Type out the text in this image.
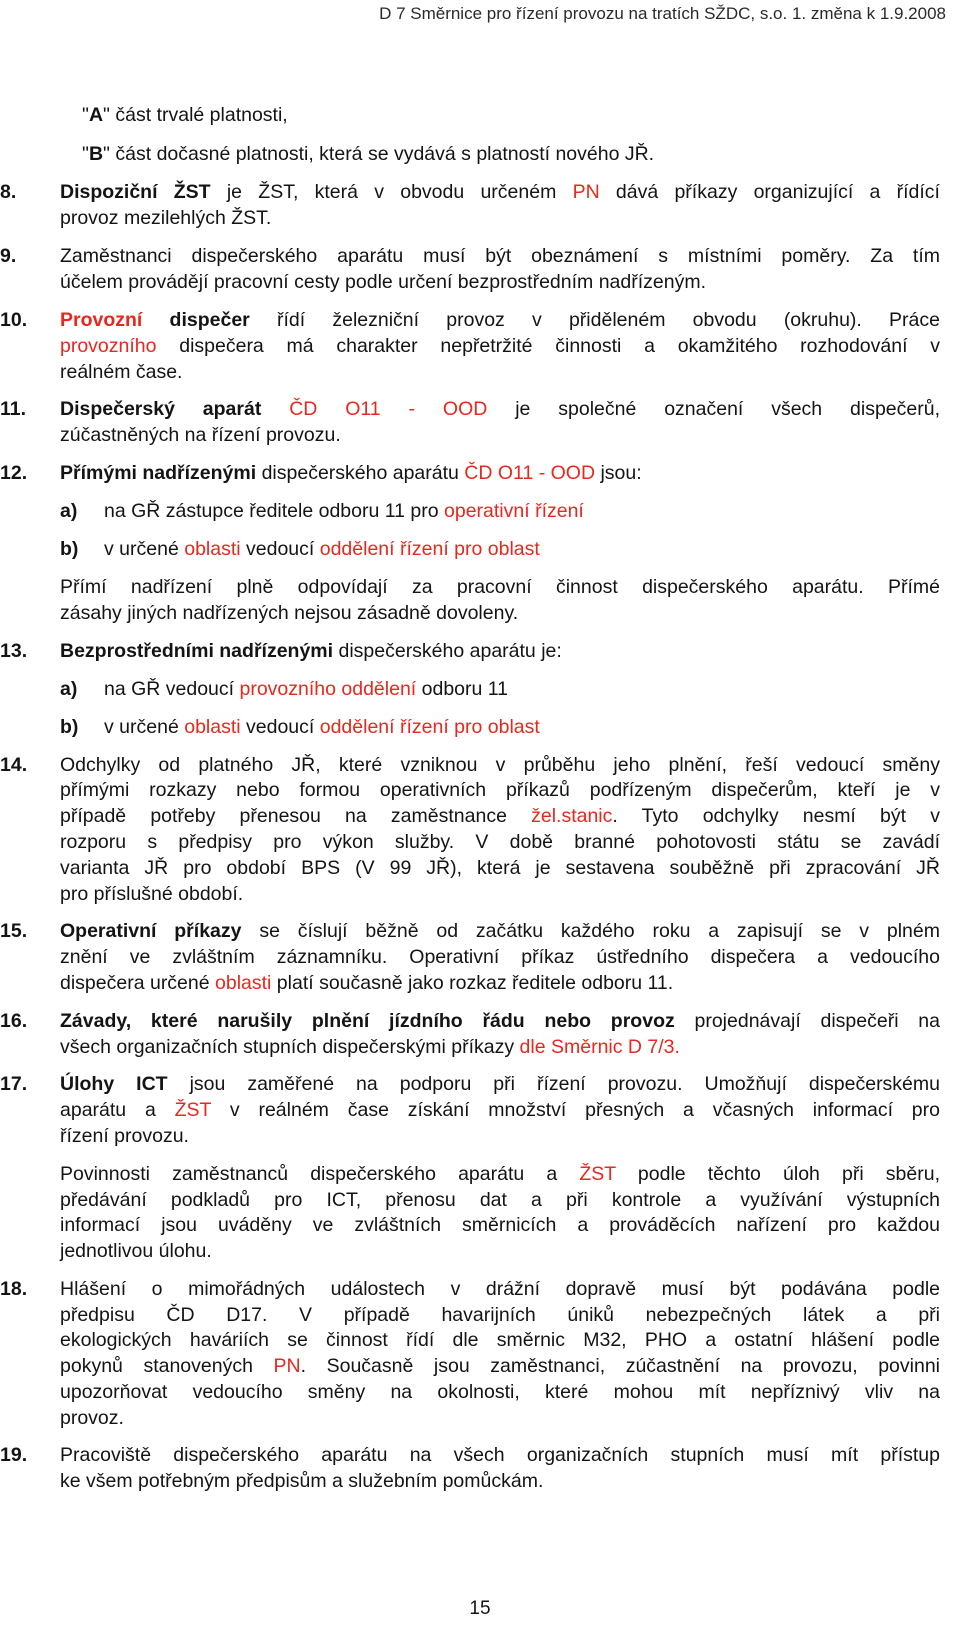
D 7 Směrnice pro řízení provozu na tratích SŽDC, s.o. 1. změna k 1.9.2008
"A" část trvalé platnosti,
"B" část dočasné platnosti, která se vydává s platností nového JŘ.
8. Dispoziční ŽST je ŽST, která v obvodu určeném PN dává příkazy organizující a řídící
provoz mezilehlých ŽST.
9. Zaměstnanci dispečerského aparátu musí být obeznámení s místními poměry. Za tím
účelem provádějí pracovní cesty podle určení bezprostředním nadřízeným.
10. Provozní dispečer řídí železniční provoz v přiděleném obvodu (okruhu). Práce
provozního dispečera má charakter nepřetržité činnosti a okamžitého rozhodování v
reálném čase.
11. Dispečerský aparát ČD O11 - OOD je společné označení všech dispečerů,
zúčastněných na řízení provozu.
12. Přímými nadřízenými dispečerského aparátu ČD O11 - OOD jsou:
a) na GŘ zástupce ředitele odboru 11 pro operativní řízení
b) v určené oblasti vedoucí oddělení řízení pro oblast
Přímí nadřízení plně odpovídají za pracovní činnost dispečerského aparátu. Přímé
zásahy jiných nadřízených nejsou zásadně dovoleny.
13. Bezprostředními nadřízenými dispečerského aparátu je:
a) na GŘ vedoucí provozního oddělení odboru 11
b) v určené oblasti vedoucí oddělení řízení pro oblast
14. Odchylky od platného JŘ, které vzniknou v průběhu jeho plnění, řeší vedoucí směny
přímými rozkazy nebo formou operativních příkazů podřízeným dispečerům, kteří je v
případě potřeby přenesou na zaměstnance žel.stanic. Tyto odchylky nesmí být v
rozporu s předpisy pro výkon služby. V době branné pohotovosti státu se zavádí
varianta JŘ pro období BPS (V 99 JŘ), která je sestavena souběžně při zpracování JŘ
pro příslušné období.
15. Operativní příkazy se číslují běžně od začátku každého roku a zapisují se v plném
znění ve zvláštním záznamníku. Operativní příkaz ústředního dispečera a vedoucího
dispečera určené oblasti platí současně jako rozkaz ředitele odboru 11.
16. Závady, které narušily plnění jízdního řádu nebo provoz projednávají dispečeři na
všech organizačních stupních dispečerskými příkazy dle Směrnic D 7/3.
17. Úlohy ICT jsou zaměřené na podporu při řízení provozu. Umožňují dispečerskému
aparátu a ŽST v reálném čase získání množství přesných a včasných informací pro
řízení provozu.
Povinnosti zaměstnanců dispečerského aparátu a ŽST podle těchto úloh při sběru,
předávání podkladů pro ICT, přenosu dat a při kontrole a využívání výstupních
informací jsou uváděny ve zvláštních směrnicích a prováděcích nařízení pro každou
jednotlivou úlohu.
18. Hlášení o mimořádných událostech v drážní dopravě musí být podávána podle
předpisu ČD D17. V případě havarijních úniků nebezpečných látek a při
ekologických haváriích se činnost řídí dle směrnic M32, PHO a ostatní hlášení podle
pokynů stanovených PN. Současně jsou zaměstnanci, zúčastnění na provozu, povinni
upozorňovat vedoucího směny na okolnosti, které mohou mít nepříznivý vliv na
provoz.
19. Pracoviště dispečerského aparátu na všech organizačních stupních musí mít přístup
ke všem potřebným předpisům a služebním pomůckám.
15
